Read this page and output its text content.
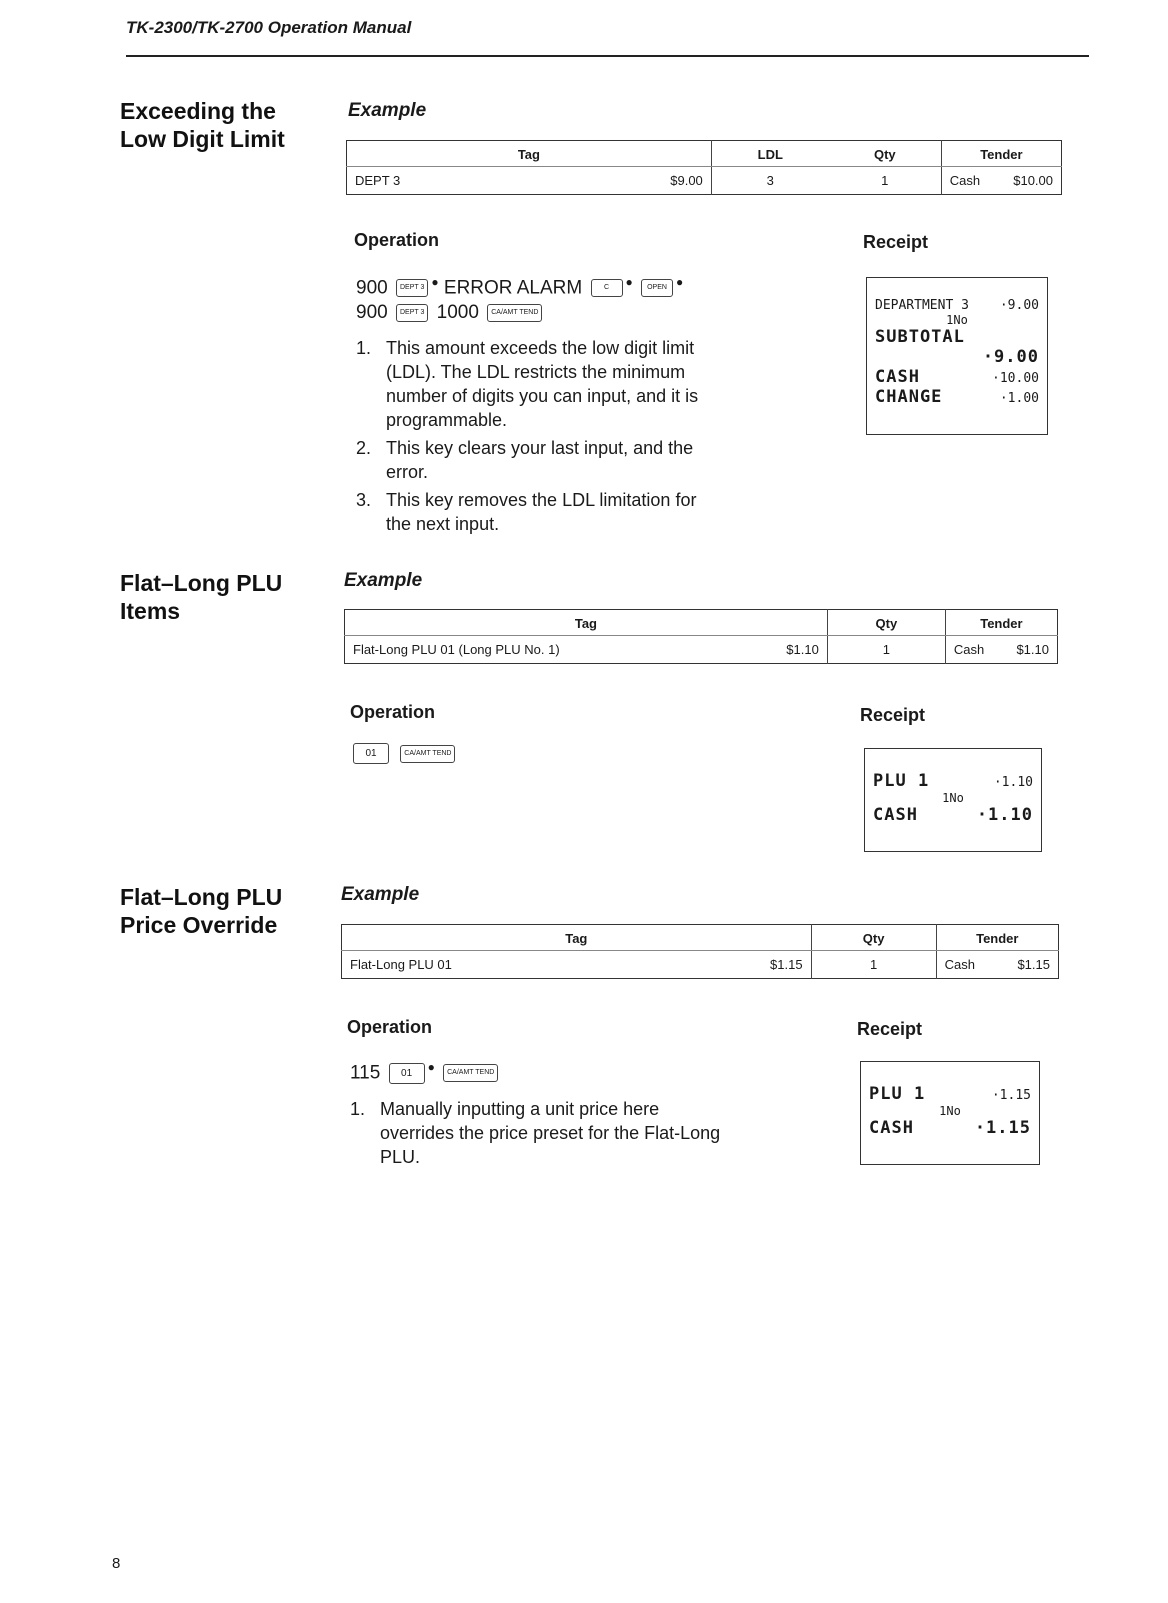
TK-2300/TK-2700 Operation Manual
Exceeding the
Low Digit Limit
Example
Tag		LDL	Qty	Tender	
DEPT 3	$9.00	3	1	Cash	$10.00
Operation	Receipt
900 DEPT 3 ● ERROR ALARM	C ● OPEN ●
900 DEPT 3 1000 CA/AMT TEND
1. This amount exceeds the low digit limit (LDL). The LDL restricts the minimum number of digits you can input, and it is programmable.
2. This key clears your last input, and the error.
3. This key removes the LDL limitation for the next input.
DEPARTMENT 3 ·9.00
1No
SUBTOTAL
·9.00
CASH	·10.00
CHANGE	·1.00
Flat–Long PLU
Items
Example
Tag		Qty	Tender	
Flat-Long PLU 01 (Long PLU No. 1)	$1.10	1	Cash	$1.10
Operation	Receipt
01	CA/AMT TEND
PLU 1	·1.10
1No
CASH	·1.10
Flat–Long PLU
Price Override
Example
Tag		Qty	Tender	
Flat-Long PLU 01	$1.15	1	Cash	$1.15
Operation	Receipt
115 01 ● CA/AMT TEND
1. Manually inputting a unit price here overrides the price preset for the Flat-Long PLU.
PLU 1	·1.15
1No
CASH	·1.15
8
